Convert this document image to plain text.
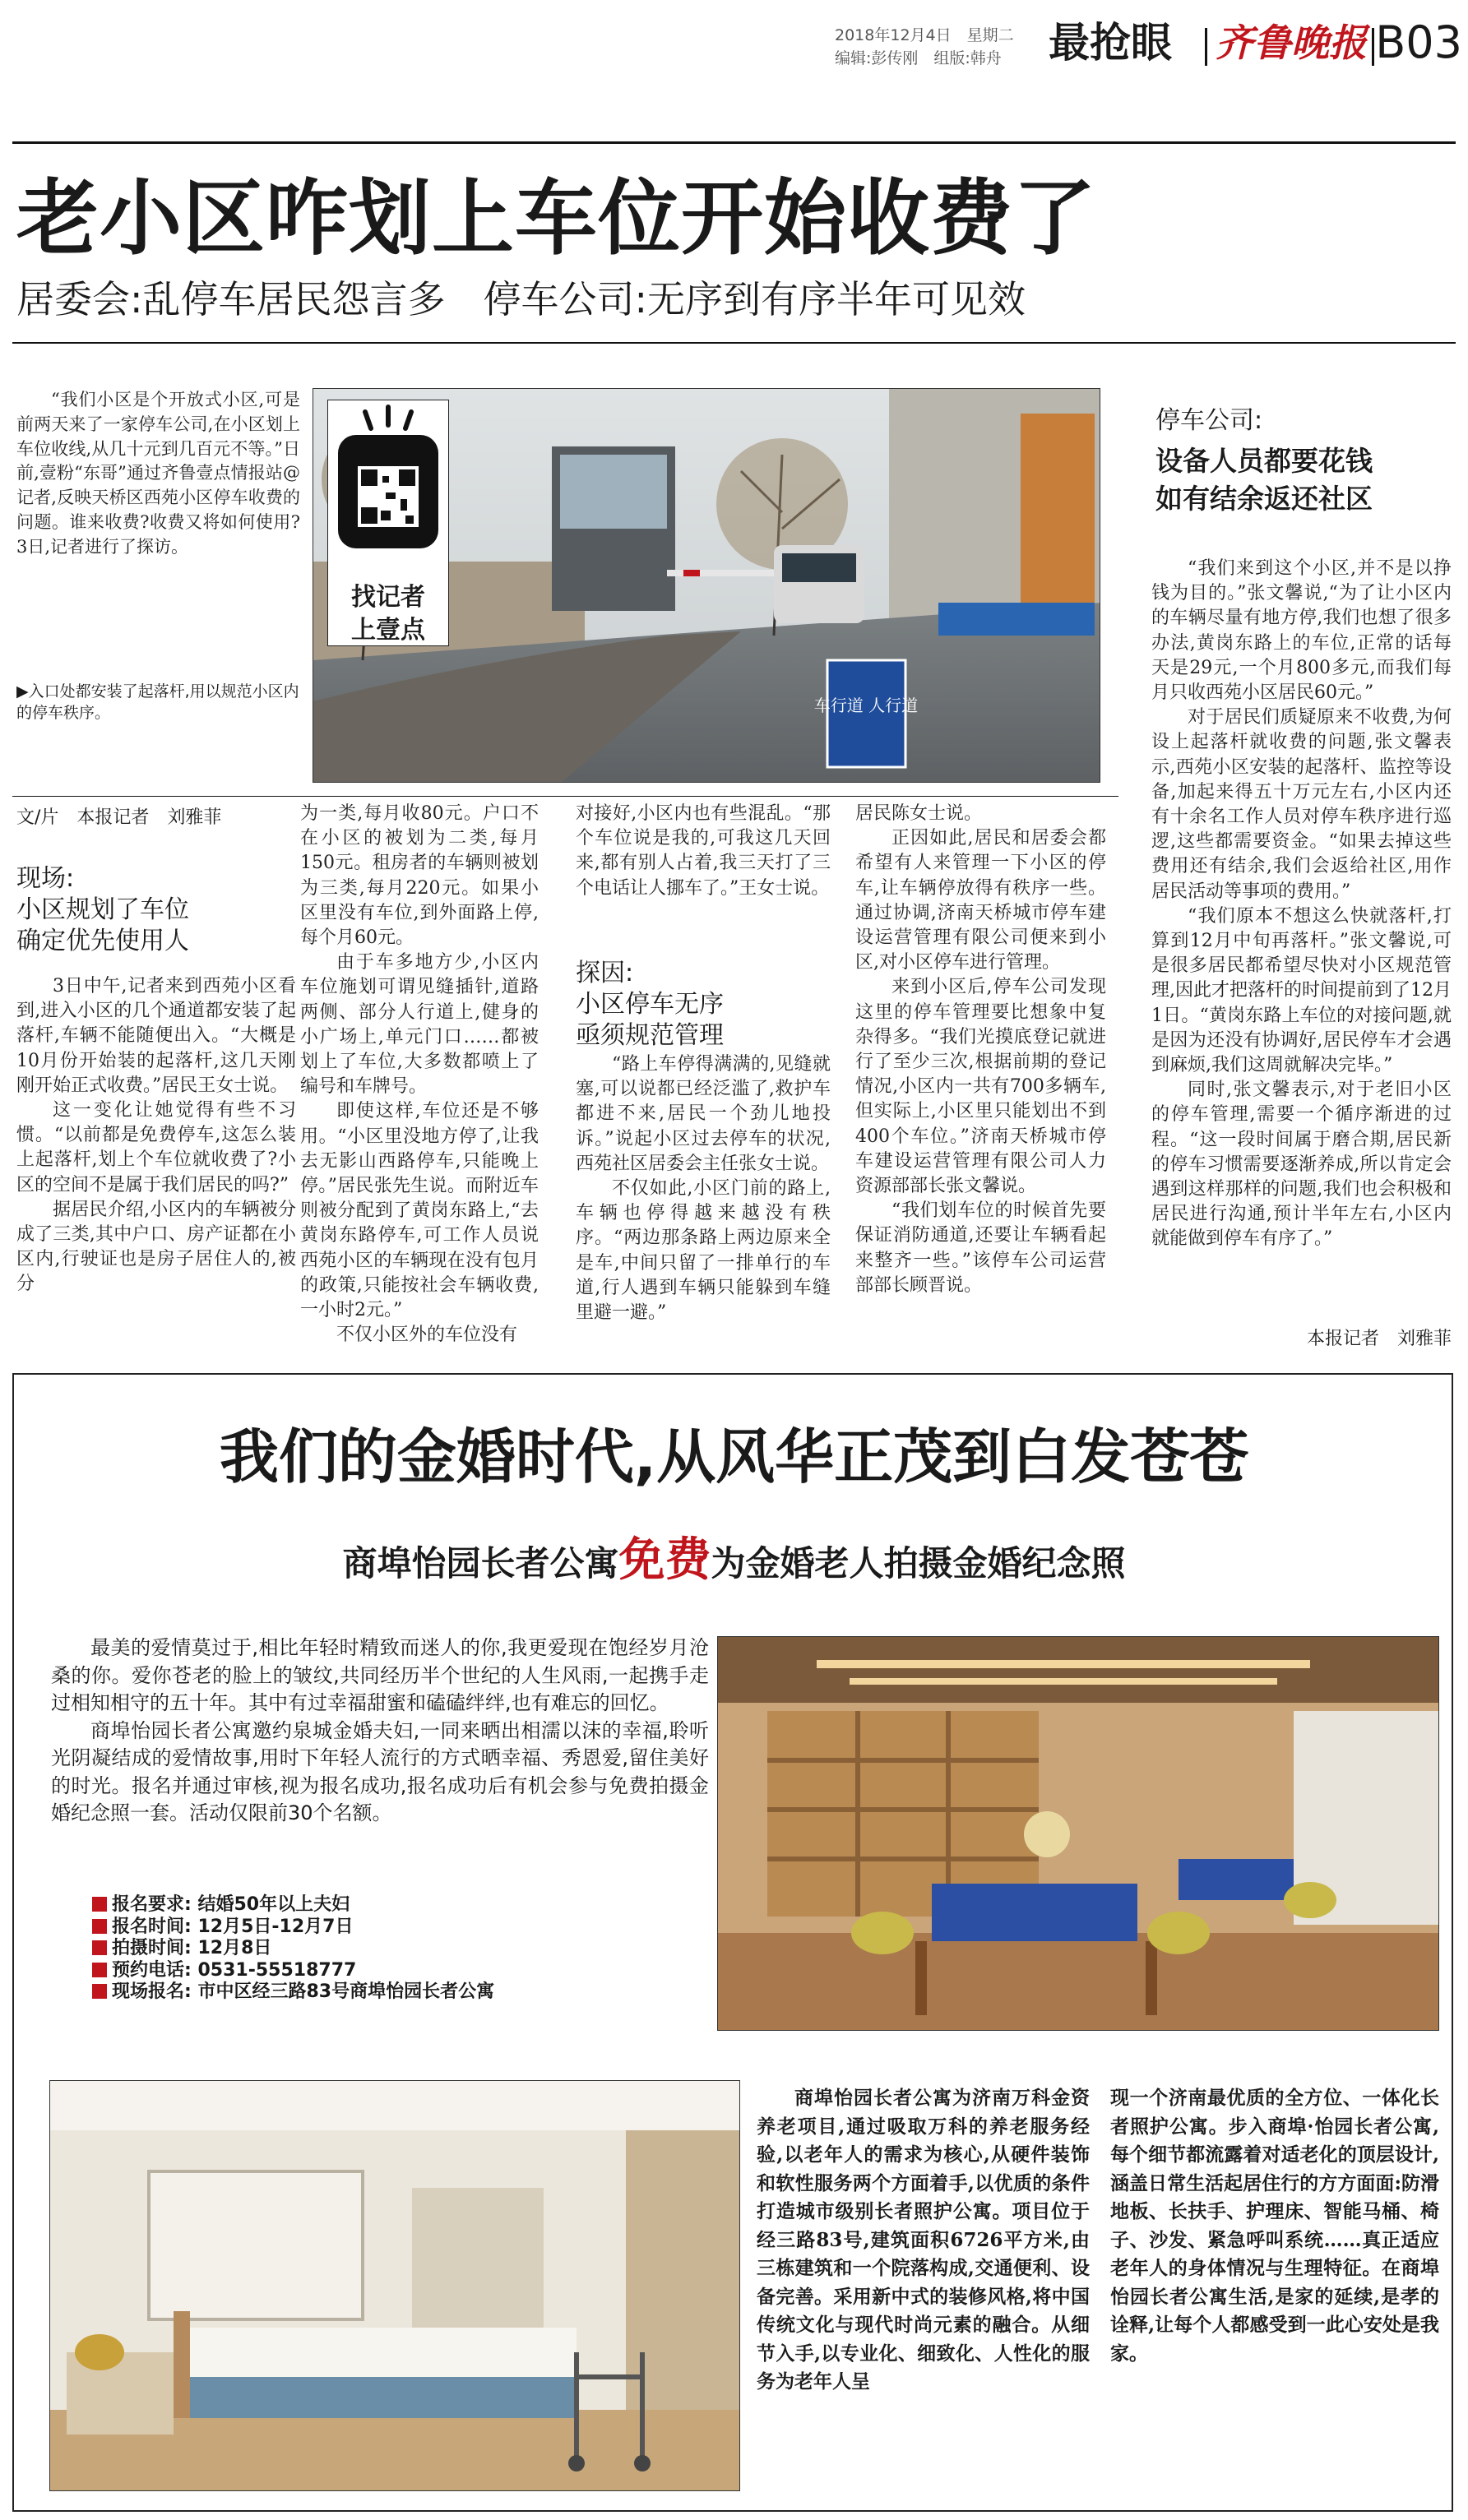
2018年12月4日　星期二
编辑:彭传刚　组版:韩舟	最抢眼	齐鲁晚报 B03
老小区咋划上车位开始收费了
居委会:乱停车居民怨言多　停车公司:无序到有序半年可见效

“我们小区是个开放式小区,可是前两天来了一家停车公司,在小区划上车位收线,从几十元到几百元不等。”日前,壹粉“东哥”通过齐鲁壹点情报站@记者,反映天桥区西苑小区停车收费的问题。谁来收费?收费又将如何使用?3日,记者进行了探访。

▶入口处都安装了起落杆,用以规范小区内的停车秩序。	车行道 人行道
找记者
上壹点
停车公司:
设备人员都要花钱
如有结余返还社区

“我们来到这个小区,并不是以挣钱为目的。”张文馨说,“为了让小区内的车辆尽量有地方停,我们也想了很多办法,黄岗东路上的车位,正常的话每天是29元,一个月800多元,而我们每月只收西苑小区居民60元。”

对于居民们质疑原来不收费,为何设上起落杆就收费的问题,张文馨表示,西苑小区安装的起落杆、监控等设备,加起来得五十万元左右,小区内还有十余名工作人员对停车秩序进行巡逻,这些都需要资金。“如果去掉这些费用还有结余,我们会返给社区,用作居民活动等事项的费用。”

“我们原本不想这么快就落杆,打算到12月中旬再落杆。”张文馨说,可是很多居民都希望尽快对小区规范管理,因此才把落杆的时间提前到了12月1日。“黄岗东路上车位的对接问题,就是因为还没有协调好,居民停车才会遇到麻烦,我们这周就解决完毕。”

同时,张文馨表示,对于老旧小区的停车管理,需要一个循序渐进的过程。“这一段时间属于磨合期,居民新的停车习惯需要逐渐养成,所以肯定会遇到这样那样的问题,我们也会积极和居民进行沟通,预计半年左右,小区内就能做到停车有序了。”

本报记者　刘雅菲
文/片　本报记者　刘雅菲
现场:
小区规划了车位
确定优先使用人

3日中午,记者来到西苑小区看到,进入小区的几个通道都安装了起落杆,车辆不能随便出入。“大概是10月份开始装的起落杆,这几天刚刚开始正式收费。”居民王女士说。

这一变化让她觉得有些不习惯。“以前都是免费停车,这怎么装上起落杆,划上个车位就收费了?小区的空间不是属于我们居民的吗?”

据居民介绍,小区内的车辆被分成了三类,其中户口、房产证都在小区内,行驶证也是房子居住人的,被分

为一类,每月收80元。户口不在小区的被划为二类,每月150元。租房者的车辆则被划为三类,每月220元。如果小区里没有车位,到外面路上停,每个月60元。

由于车多地方少,小区内车位施划可谓见缝插针,道路两侧、部分人行道上,健身的小广场上,单元门口……都被划上了车位,大多数都喷上了编号和车牌号。

即使这样,车位还是不够用。“小区里没地方停了,让我去无影山西路停车,只能晚上停。”居民张先生说。而附近车则被分配到了黄岗东路上,“去黄岗东路停车,可工作人员说西苑小区的车辆现在没有包月的政策,只能按社会车辆收费,一小时2元。”

不仅小区外的车位没有

对接好,小区内也有些混乱。“那个车位说是我的,可我这几天回来,都有别人占着,我三天打了三个电话让人挪车了。”王女士说。

探因:
小区停车无序
亟须规范管理

“路上车停得满满的,见缝就塞,可以说都已经泛滥了,救护车都进不来,居民一个劲儿地投诉。”说起小区过去停车的状况,西苑社区居委会主任张女士说。

不仅如此,小区门前的路上,车辆也停得越来越没有秩序。“两边那条路上两边原来全是车,中间只留了一排单行的车道,行人遇到车辆只能躲到车缝里避一避。”

居民陈女士说。

正因如此,居民和居委会都希望有人来管理一下小区的停车,让车辆停放得有秩序一些。通过协调,济南天桥城市停车建设运营管理有限公司便来到小区,对小区停车进行管理。

来到小区后,停车公司发现这里的停车管理要比想象中复杂得多。“我们光摸底登记就进行了至少三次,根据前期的登记情况,小区内一共有700多辆车,但实际上,小区里只能划出不到400个车位。”济南天桥城市停车建设运营管理有限公司人力资源部部长张文馨说。

“我们划车位的时候首先要保证消防通道,还要让车辆看起来整齐一些。”该停车公司运营部部长顾晋说。

我们的金婚时代,从风华正茂到白发苍苍
商埠怡园长者公寓免费为金婚老人拍摄金婚纪念照

最美的爱情莫过于,相比年轻时精致而迷人的你,我更爱现在饱经岁月沧桑的你。爱你苍老的脸上的皱纹,共同经历半个世纪的人生风雨,一起携手走过相知相守的五十年。其中有过幸福甜蜜和磕磕绊绊,也有难忘的回忆。

商埠怡园长者公寓邀约泉城金婚夫妇,一同来晒出相濡以沫的幸福,聆听光阴凝结成的爱情故事,用时下年轻人流行的方式晒幸福、秀恩爱,留住美好的时光。报名并通过审核,视为报名成功,报名成功后有机会参与免费拍摄金婚纪念照一套。活动仅限前30个名额。

报名要求: 结婚50年以上夫妇
报名时间: 12月5日-12月7日
拍摄时间: 12月8日
预约电话: 0531-55518777
现场报名: 市中区经三路83号商埠怡园长者公寓

商埠怡园长者公寓为济南万科金资养老项目,通过吸取万科的养老服务经验,以老年人的需求为核心,从硬件装饰和软性服务两个方面着手,以优质的条件打造城市级别长者照护公寓。项目位于经三路83号,建筑面积6726平方米,由三栋建筑和一个院落构成,交通便利、设备完善。采用新中式的装修风格,将中国传统文化与现代时尚元素的融合。从细节入手,以专业化、细致化、人性化的服务为老年人呈

现一个济南最优质的全方位、一体化长者照护公寓。步入商埠·怡园长者公寓,每个细节都流露着对适老化的顶层设计,涵盖日常生活起居住行的方方面面:防滑地板、长扶手、护理床、智能马桶、椅子、沙发、紧急呼叫系统……真正适应老年人的身体情况与生理特征。在商埠怡园长者公寓生活,是家的延续,是孝的诠释,让每个人都感受到一此心安处是我家。
